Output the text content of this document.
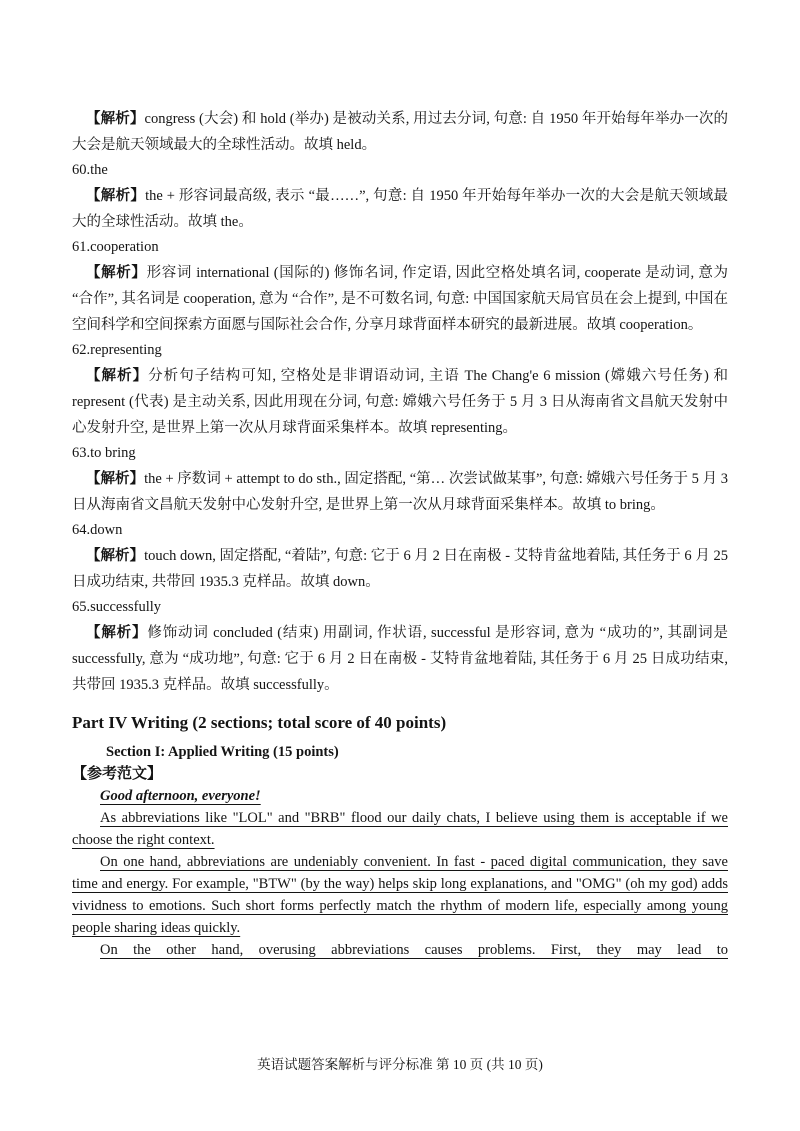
【解析】congress (大会) 和 hold (举办) 是被动关系, 用过去分词, 句意: 自 1950 年开始每年举办一次的大会是航天领域最大的全球性活动。故填 held。

60.the

【解析】the + 形容词最高级, 表示 “最……”, 句意: 自 1950 年开始每年举办一次的大会是航天领域最大的全球性活动。故填 the。

61.cooperation

【解析】形容词 international (国际的) 修饰名词, 作定语, 因此空格处填名词, cooperate 是动词, 意为 “合作”, 其名词是 cooperation, 意为 “合作”, 是不可数名词, 句意: 中国国家航天局官员在会上提到, 中国在空间科学和空间探索方面愿与国际社会合作, 分享月球背面样本研究的最新进展。故填 cooperation。

62.representing

【解析】分析句子结构可知, 空格处是非谓语动词, 主语 The Chang'e 6 mission (嫦娥六号任务) 和 represent (代表) 是主动关系, 因此用现在分词, 句意: 嫦娥六号任务于 5 月 3 日从海南省文昌航天发射中心发射升空, 是世界上第一次从月球背面采集样本。故填 representing。

63.to bring

【解析】the + 序数词 + attempt to do sth., 固定搭配, “第… 次尝试做某事”, 句意: 嫦娥六号任务于 5 月 3 日从海南省文昌航天发射中心发射升空, 是世界上第一次从月球背面采集样本。故填 to bring。

64.down

【解析】touch down, 固定搭配, “着陆”, 句意: 它于 6 月 2 日在南极 - 艾特肯盆地着陆, 其任务于 6 月 25 日成功结束, 共带回 1935.3 克样品。故填 down。

65.successfully

【解析】修饰动词 concluded (结束) 用副词, 作状语, successful 是形容词, 意为 “成功的”, 其副词是 successfully, 意为 “成功地”, 句意: 它于 6 月 2 日在南极 - 艾特肯盆地着陆, 其任务于 6 月 25 日成功结束, 共带回 1935.3 克样品。故填 successfully。

Part IV Writing (2 sections; total score of 40 points)

Section I: Applied Writing (15 points)

【参考范文】

Good afternoon, everyone!

As abbreviations like "LOL" and "BRB" flood our daily chats, I believe using them is acceptable if we choose the right context.

On one hand, abbreviations are undeniably convenient. In fast - paced digital communication, they save time and energy. For example, "BTW" (by the way) helps skip long explanations, and "OMG" (oh my god) adds vividness to emotions. Such short forms perfectly match the rhythm of modern life, especially among young people sharing ideas quickly.

On the other hand, overusing abbreviations causes problems. First, they may lead to

英语试题答案解析与评分标准 第 10 页 (共 10 页)
